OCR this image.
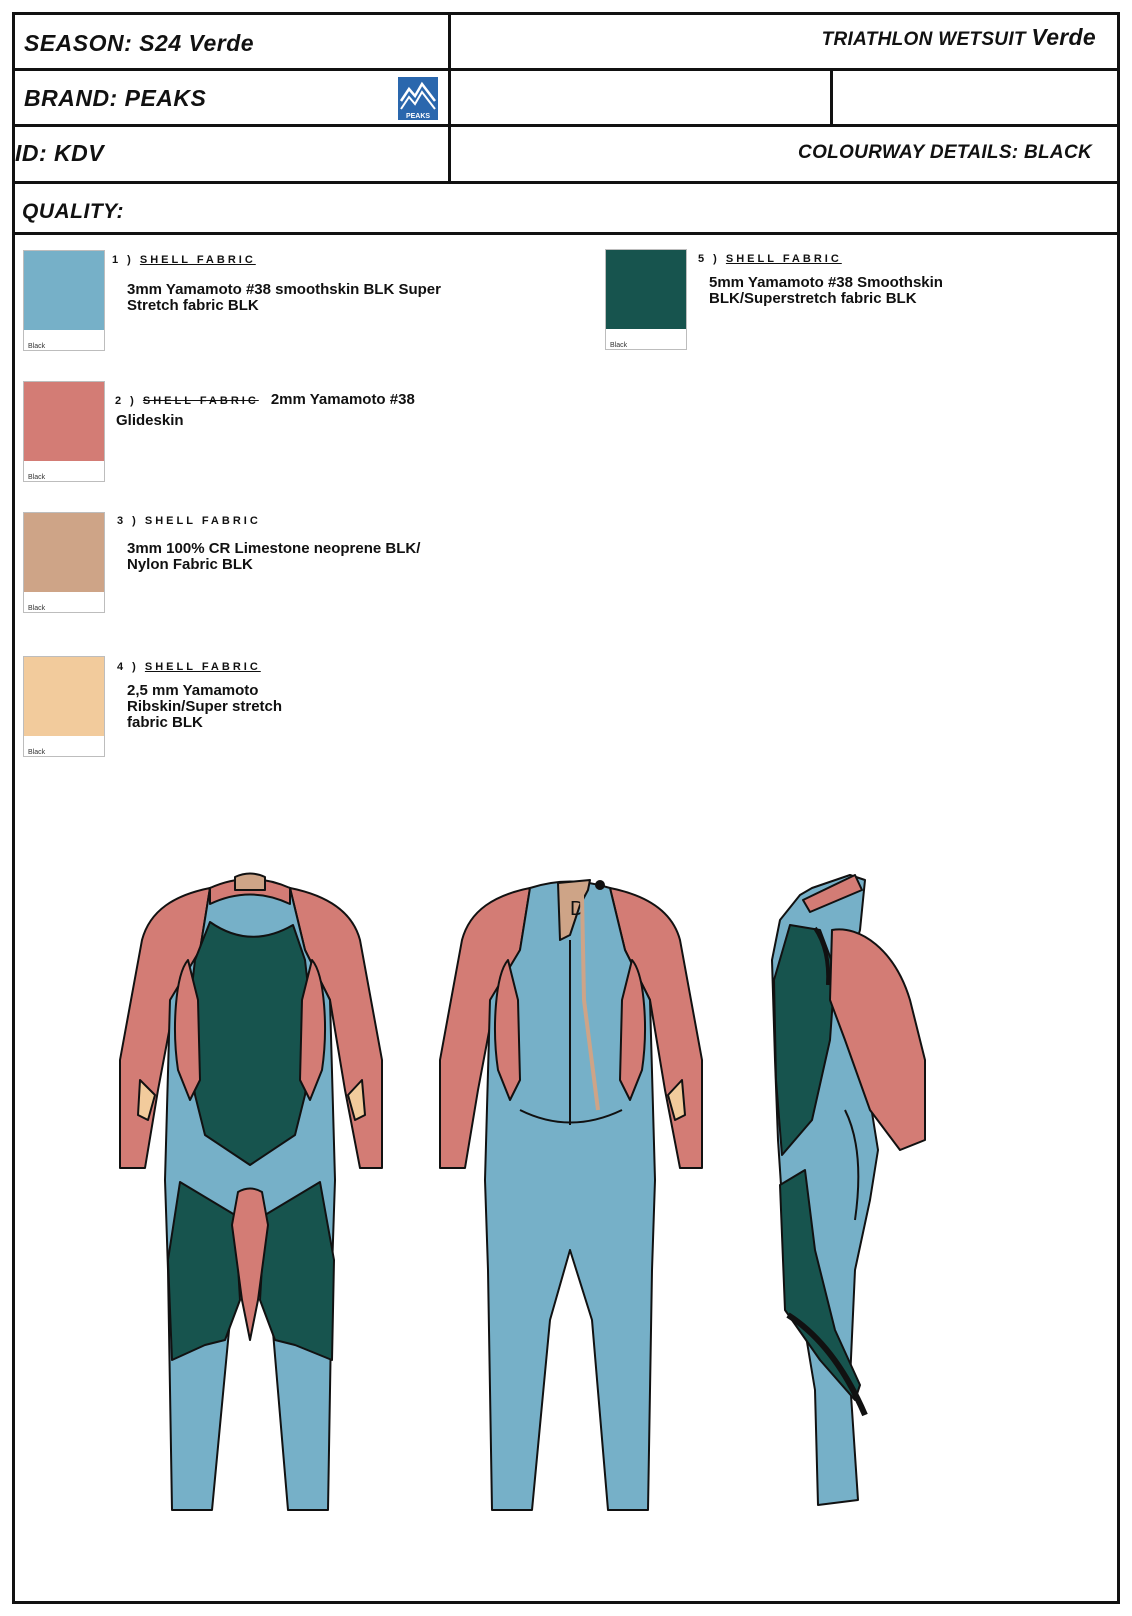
SEASON: S24 Verde
BRAND: PEAKS
ID: KDV
QUALITY:
TRIATHLON WETSUIT Verde
COLOURWAY DETAILS: BLACK
PEAKS
Black
1 ) SHELL FABRIC
3mm Yamamoto #38 smoothskin BLK Super
Stretch fabric BLK
Black
2 ) SHELL FABRIC 2mm Yamamoto #38
Glideskin
Black
3 ) SHELL FABRIC
3mm 100% CR Limestone neoprene BLK/
Nylon Fabric BLK
Black
4 ) SHELL FABRIC
2,5 mm Yamamoto
Ribskin/Super stretch
fabric BLK
Black
5 ) SHELL FABRIC
5mm Yamamoto #38 Smoothskin
BLK/Superstretch fabric BLK
D
